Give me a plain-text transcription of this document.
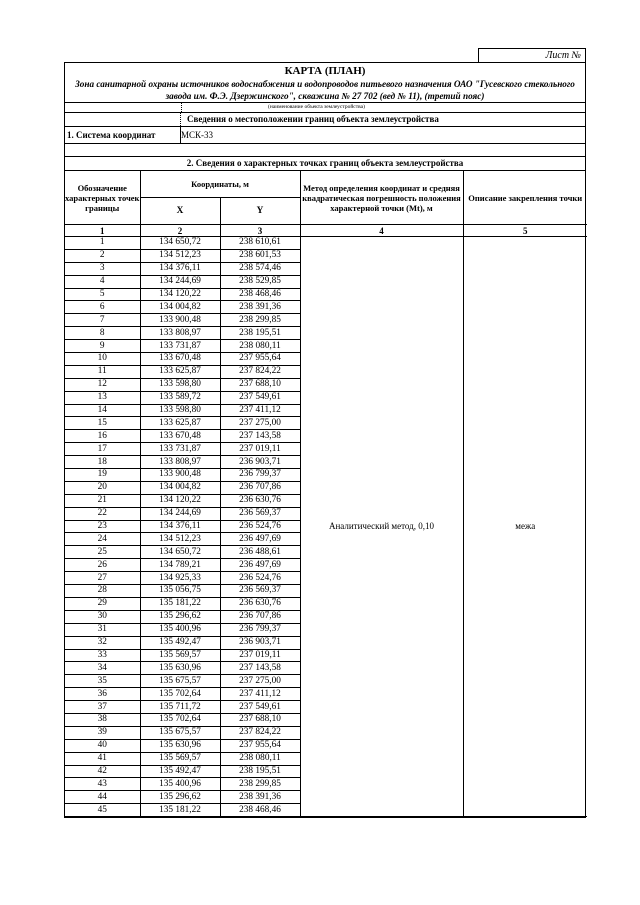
Лист №
КАРТА (ПЛАН)
Зона санитарной охраны источников водоснабжения и водопроводов питьевого назначения ОАО "Гусевского стекольного завода им. Ф.Э. Дзержинского", скважина № 27 702 (вед № 11), (третий пояс)
(наименование объекта землеустройства)
Сведения о местоположении границ объекта землеустройства
1. Система координат	МСК-33
2. Сведения о характерных точках границ объекта землеустройства
Обозначение характерных точек границы	Координаты, м		Метод определения координат и средняя квадратическая погрешность положения характерной точки (Mt), м	Описание закрепления точки
	X	Y		
1	2	3	4	5
1	134 650,72	238 610,61	Аналитический метод, 0,10	межа
2	134 512,23	238 601,53		
3	134 376,11	238 574,46		
4	134 244,69	238 529,85		
5	134 120,22	238 468,46		
6	134 004,82	238 391,36		
7	133 900,48	238 299,85		
8	133 808,97	238 195,51		
9	133 731,87	238 080,11		
10	133 670,48	237 955,64		
11	133 625,87	237 824,22		
12	133 598,80	237 688,10		
13	133 589,72	237 549,61		
14	133 598,80	237 411,12		
15	133 625,87	237 275,00		
16	133 670,48	237 143,58		
17	133 731,87	237 019,11		
18	133 808,97	236 903,71		
19	133 900,48	236 799,37		
20	134 004,82	236 707,86		
21	134 120,22	236 630,76		
22	134 244,69	236 569,37		
23	134 376,11	236 524,76		
24	134 512,23	236 497,69		
25	134 650,72	236 488,61		
26	134 789,21	236 497,69		
27	134 925,33	236 524,76		
28	135 056,75	236 569,37		
29	135 181,22	236 630,76		
30	135 296,62	236 707,86		
31	135 400,96	236 799,37		
32	135 492,47	236 903,71		
33	135 569,57	237 019,11		
34	135 630,96	237 143,58		
35	135 675,57	237 275,00		
36	135 702,64	237 411,12		
37	135 711,72	237 549,61		
38	135 702,64	237 688,10		
39	135 675,57	237 824,22		
40	135 630,96	237 955,64		
41	135 569,57	238 080,11		
42	135 492,47	238 195,51		
43	135 400,96	238 299,85		
44	135 296,62	238 391,36		
45	135 181,22	238 468,46		
